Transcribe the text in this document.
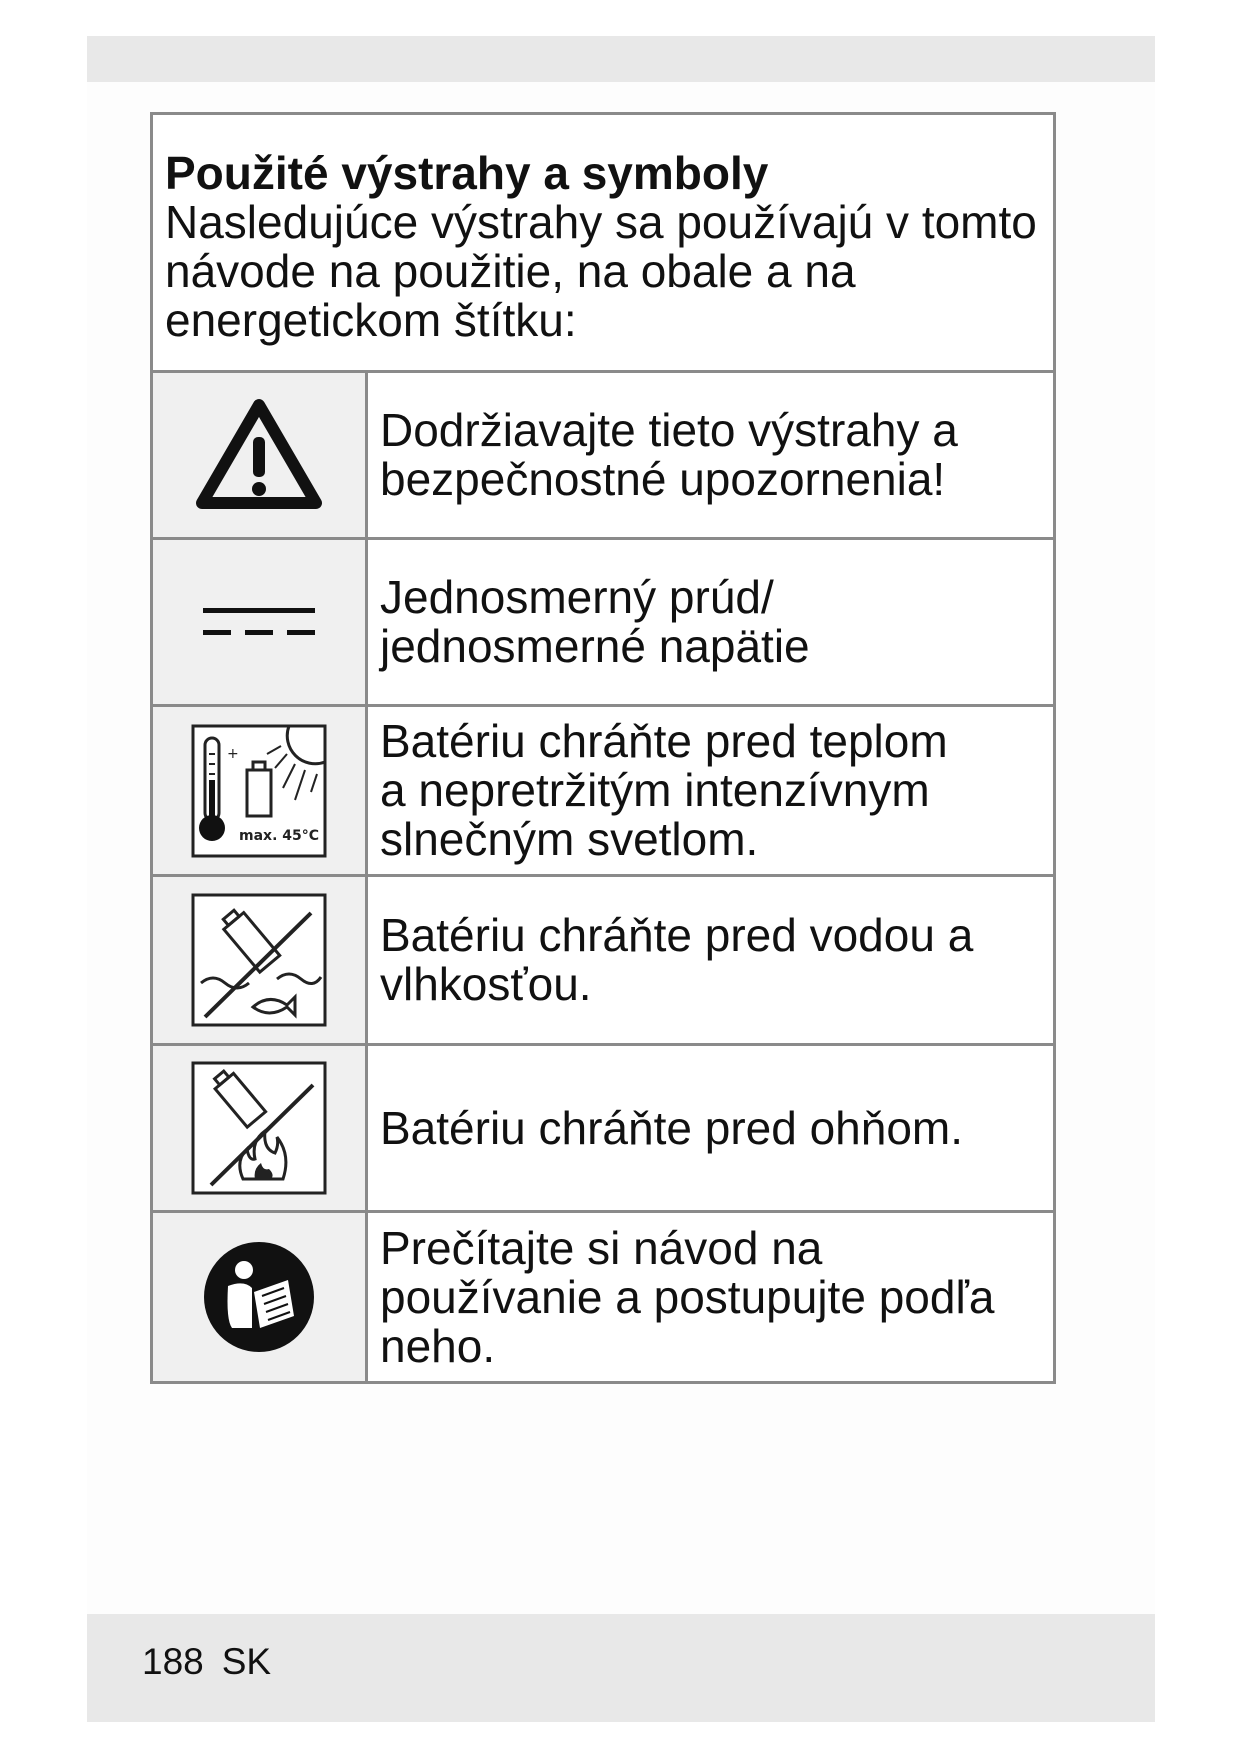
Použité výstrahy a symboly
Nasledujúce výstrahy sa používajú v tomto návode na použitie, na obale a na energetickom štítku:
Dodržiavajte tieto výstrahy a
bezpečnostné upozornenia!
Jednosmerný prúd/
jednosmerné napätie
+
max. 45°C
Batériu chráňte pred teplom
a nepretržitým intenzívnym
slnečným svetlom.
Batériu chráňte pred vodou a
vlhkosťou.
Batériu chráňte pred ohňom.
Prečítajte si návod na
používanie a postupujte podľa
neho.
188 SK
